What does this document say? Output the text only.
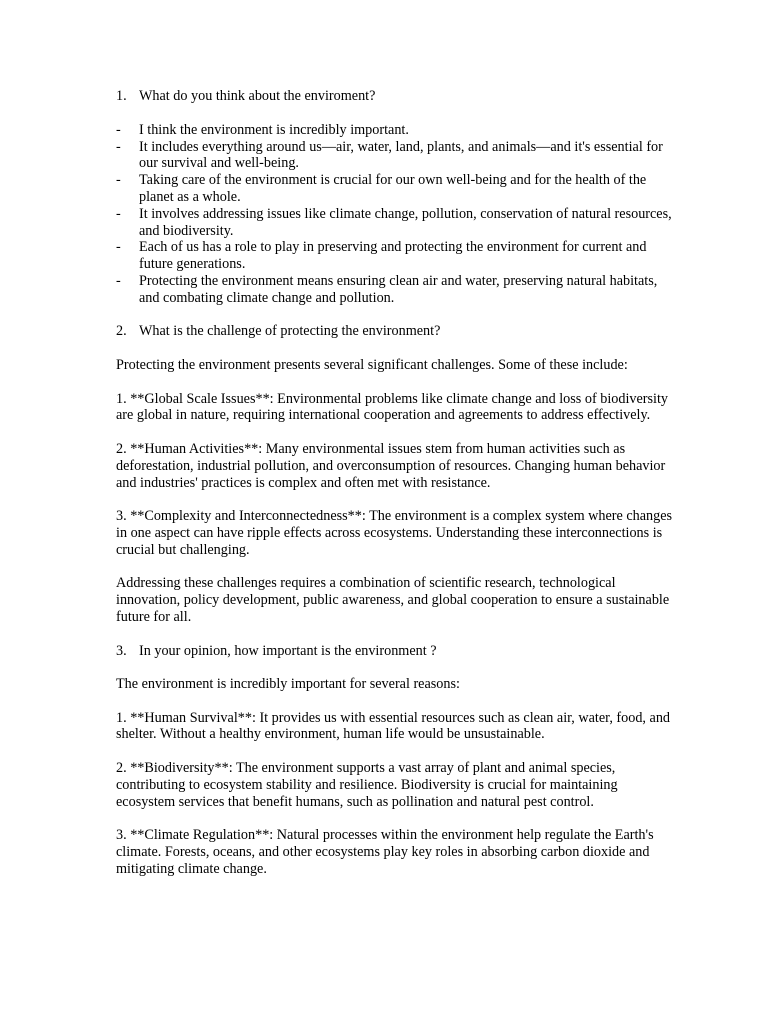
1. What do you think about the enviroment?

- I think the environment is incredibly important.
- It includes everything around us—air, water, land, plants, and animals—and it's essential for our survival and well-being.
- Taking care of the environment is crucial for our own well-being and for the health of the planet as a whole.
- It involves addressing issues like climate change, pollution, conservation of natural resources, and biodiversity.
- Each of us has a role to play in preserving and protecting the environment for current and future generations.
- Protecting the environment means ensuring clean air and water, preserving natural habitats, and combating climate change and pollution.

2. What is the challenge of protecting the environment?

Protecting the environment presents several significant challenges. Some of these include:

1. **Global Scale Issues**: Environmental problems like climate change and loss of biodiversity are global in nature, requiring international cooperation and agreements to address effectively.

2. **Human Activities**: Many environmental issues stem from human activities such as deforestation, industrial pollution, and overconsumption of resources. Changing human behavior and industries' practices is complex and often met with resistance.

3. **Complexity and Interconnectedness**: The environment is a complex system where changes in one aspect can have ripple effects across ecosystems. Understanding these interconnections is crucial but challenging.

Addressing these challenges requires a combination of scientific research, technological innovation, policy development, public awareness, and global cooperation to ensure a sustainable future for all.

3. In your opinion, how important is the environment ?

The environment is incredibly important for several reasons:

1. **Human Survival**: It provides us with essential resources such as clean air, water, food, and shelter. Without a healthy environment, human life would be unsustainable.

2. **Biodiversity**: The environment supports a vast array of plant and animal species, contributing to ecosystem stability and resilience. Biodiversity is crucial for maintaining ecosystem services that benefit humans, such as pollination and natural pest control.

3. **Climate Regulation**: Natural processes within the environment help regulate the Earth's climate. Forests, oceans, and other ecosystems play key roles in absorbing carbon dioxide and mitigating climate change.
